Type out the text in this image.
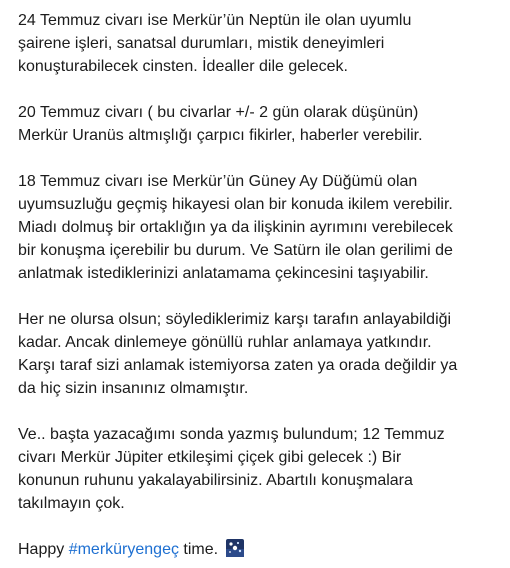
24 Temmuz civarı ise Merkür’ün Neptün ile olan uyumlu
şairene işleri, sanatsal durumları, mistik deneyimleri
konuşturabilecek cinsten. İdealler dile gelecek.
20 Temmuz civarı ( bu civarlar +/- 2 gün olarak düşünün)
Merkür Uranüs altmışlığı çarpıcı fikirler, haberler verebilir.
18 Temmuz civarı ise Merkür’ün Güney Ay Düğümü olan
uyumsuzluğu geçmiş hikayesi olan bir konuda ikilem verebilir.
Miadı dolmuş bir ortaklığın ya da ilişkinin ayrımını verebilecek
bir konuşma içerebilir bu durum. Ve Satürn ile olan gerilimi de
anlatmak istediklerinizi anlatamama çekincesini taşıyabilir.
Her ne olursa olsun; söylediklerimiz karşı tarafın anlayabildiği
kadar. Ancak dinlemeye gönüllü ruhlar anlamaya yatkındır.
Karşı taraf sizi anlamak istemiyorsa zaten ya orada değildir ya
da hiç sizin insanınız olmamıştır.
Ve.. başta yazacağımı sonda yazmış bulundum; 12 Temmuz
civarı Merkür Jüpiter etkileşimi çiçek gibi gelecek :) Bir
konunun ruhunu yakalayabilirsiniz. Abartılı konuşmalara
takılmayın çok.
Happy #merküryengeç time.
